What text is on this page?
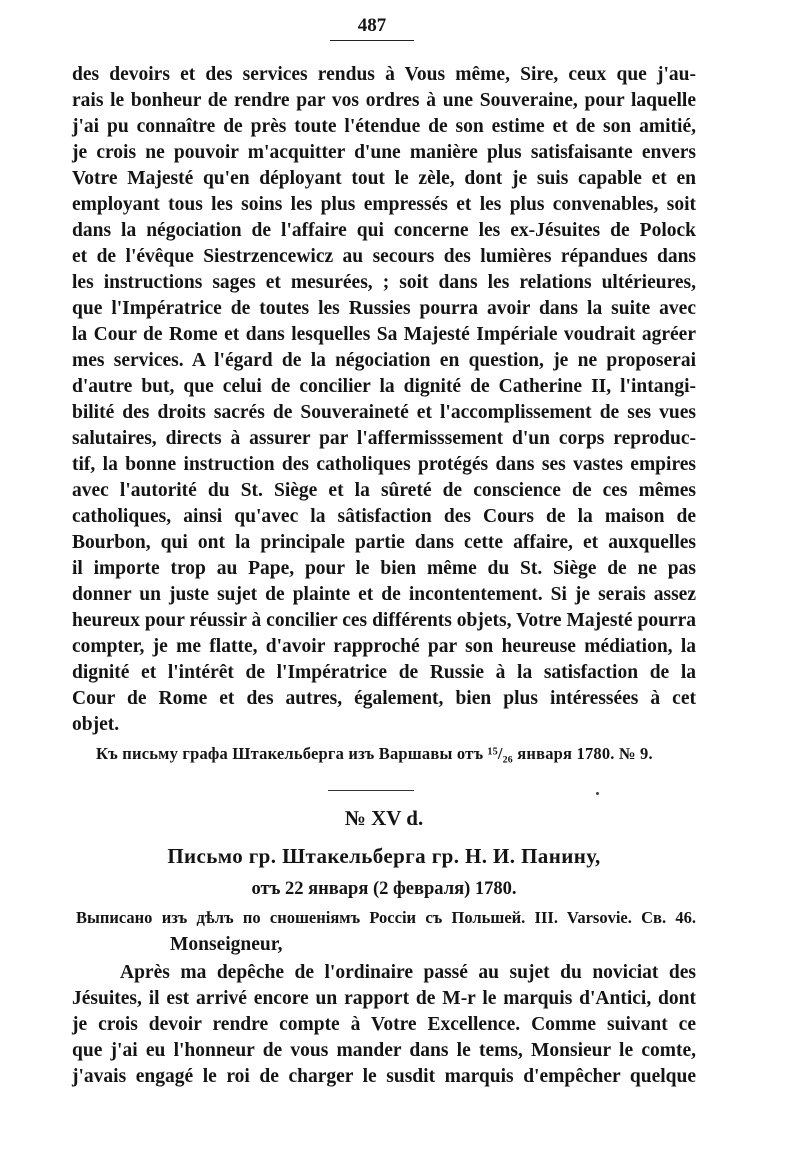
487
des devoirs et des services rendus à Vous même, Sire, ceux que j'au-
rais le bonheur de rendre par vos ordres à une Souveraine, pour laquelle
j'ai pu connaître de près toute l'étendue de son estime et de son amitié,
je crois ne pouvoir m'acquitter d'une manière plus satisfaisante envers
Votre Majesté qu'en déployant tout le zèle, dont je suis capable et en
employant tous les soins les plus empressés et les plus convenables, soit
dans la négociation de l'affaire qui concerne les ex-Jésuites de Polock
et de l'évêque Siestrzencewicz au secours des lumières répandues dans
les instructions sages et mesurées, ; soit dans les relations ultérieures,
que l'Impératrice de toutes les Russies pourra avoir dans la suite avec
la Cour de Rome et dans lesquelles Sa Majesté Impériale voudrait agréer
mes services. A l'égard de la négociation en question, je ne proposerai
d'autre but, que celui de concilier la dignité de Catherine II, l'intangi-
bilité des droits sacrés de Souveraineté et l'accomplissement de ses vues
salutaires, directs à assurer par l'affermisssement d'un corps reproduc-
tif, la bonne instruction des catholiques protégés dans ses vastes empires
avec l'autorité du St. Siège et la sûreté de conscience de ces mêmes
catholiques, ainsi qu'avec la sâtisfaction des Cours de la maison de
Bourbon, qui ont la principale partie dans cette affaire, et auxquelles
il importe trop au Pape, pour le bien même du St. Siège de ne pas
donner un juste sujet de plainte et de incontentement. Si je serais assez
heureux pour réussir à concilier ces différents objets, Votre Majesté pourra
compter, je me flatte, d'avoir rapproché par son heureuse médiation, la
dignité et l'intérêt de l'Impératrice de Russie à la satisfaction de la
Cour de Rome et des autres, également, bien plus intéressées à cet
objet.
Къ письму графа Штакельберга изъ Варшавы отъ ¹⁵/₂₆ января 1780. № 9.
№ XV d.
Письмо гр. Штакельберга гр. Н. И. Панину,
отъ 22 января (2 февраля) 1780.
Выписано изъ дѣлъ по сношеніямъ Россіи съ Польшей. III. Varsovie. Св. 46.
Monseigneur,
Après ma depêche de l'ordinaire passé au sujet du noviciat des
Jésuites, il est arrivé encore un rapport de M-r le marquis d'Antici, dont
je crois devoir rendre compte à Votre Excellence. Comme suivant ce
que j'ai eu l'honneur de vous mander dans le tems, Monsieur le comte,
j'avais engagé le roi de charger le susdit marquis d'empêcher quelque
